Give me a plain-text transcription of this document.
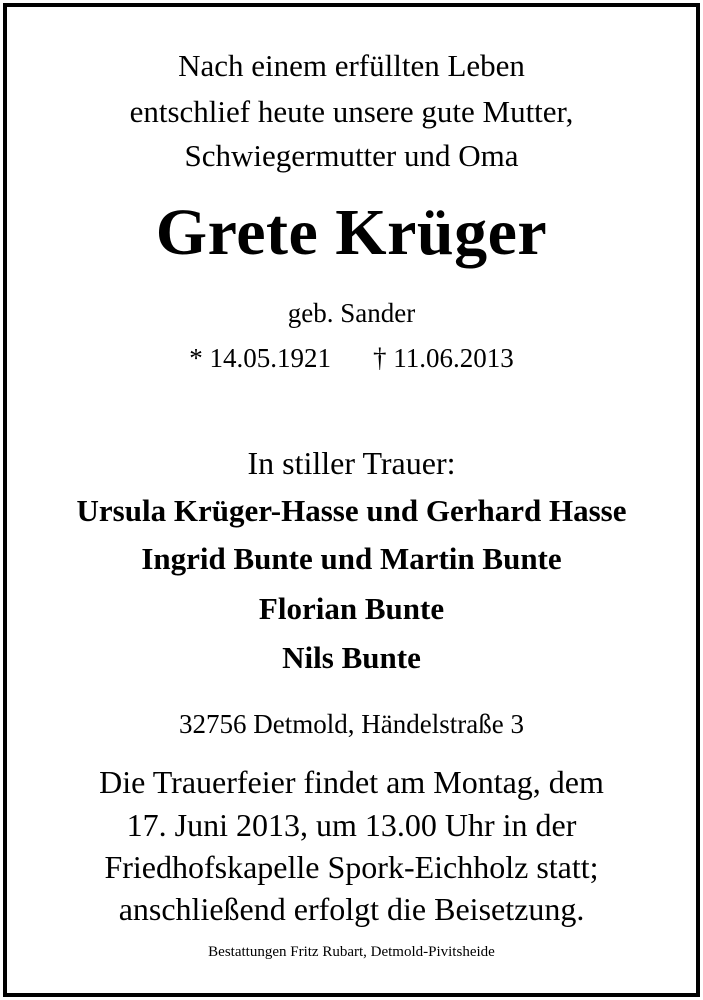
Nach einem erfüllten Leben
entschlief heute unsere gute Mutter,
Schwiegermutter und Oma
Grete Krüger
geb. Sander
* 14.05.1921 † 11.06.2013
In stiller Trauer:
Ursula Krüger-Hasse und Gerhard Hasse
Ingrid Bunte und Martin Bunte
Florian Bunte
Nils Bunte
32756 Detmold, Händelstraße 3
Die Trauerfeier findet am Montag, dem
17. Juni 2013, um 13.00 Uhr in der
Friedhofskapelle Spork-Eichholz statt;
anschließend erfolgt die Beisetzung.
Bestattungen Fritz Rubart, Detmold-Pivitsheide
